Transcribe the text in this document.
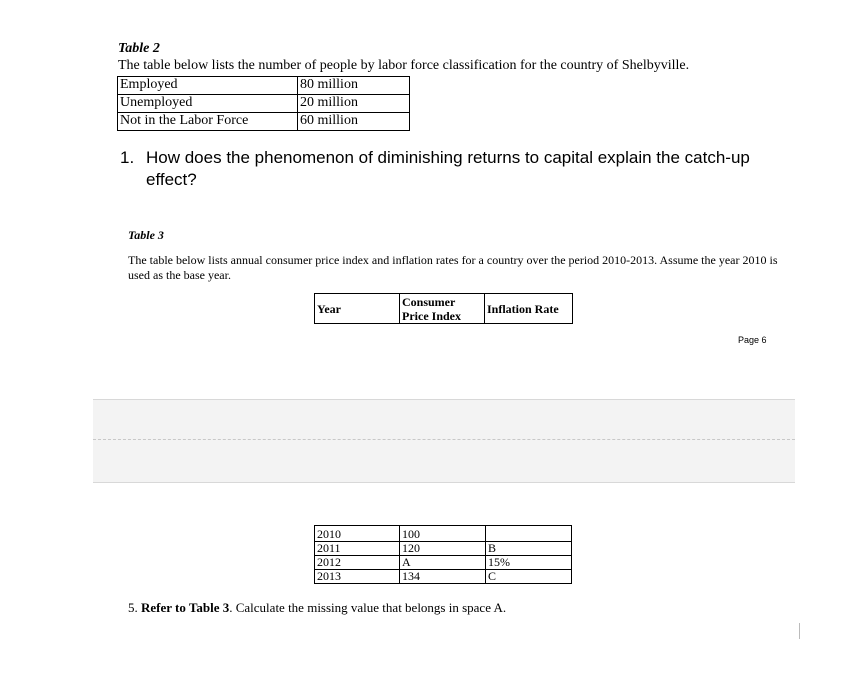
Table 2
The table below lists the number of people by labor force classification for the country of Shelbyville.
Employed	80 million
Unemployed	20 million
Not in the Labor Force	60 million
1. How does the phenomenon of diminishing returns to capital explain the catch-up
effect?
Table 3
The table below lists annual consumer price index and inflation rates for a country over the period 2010-2013. Assume the year 2010 is used as the base year.
Year	Consumer Price Index	Inflation Rate
Page 6
2010	100	
2011	120	B
2012	A	15%
2013	134	C
5. Refer to Table 3. Calculate the missing value that belongs in space A.
